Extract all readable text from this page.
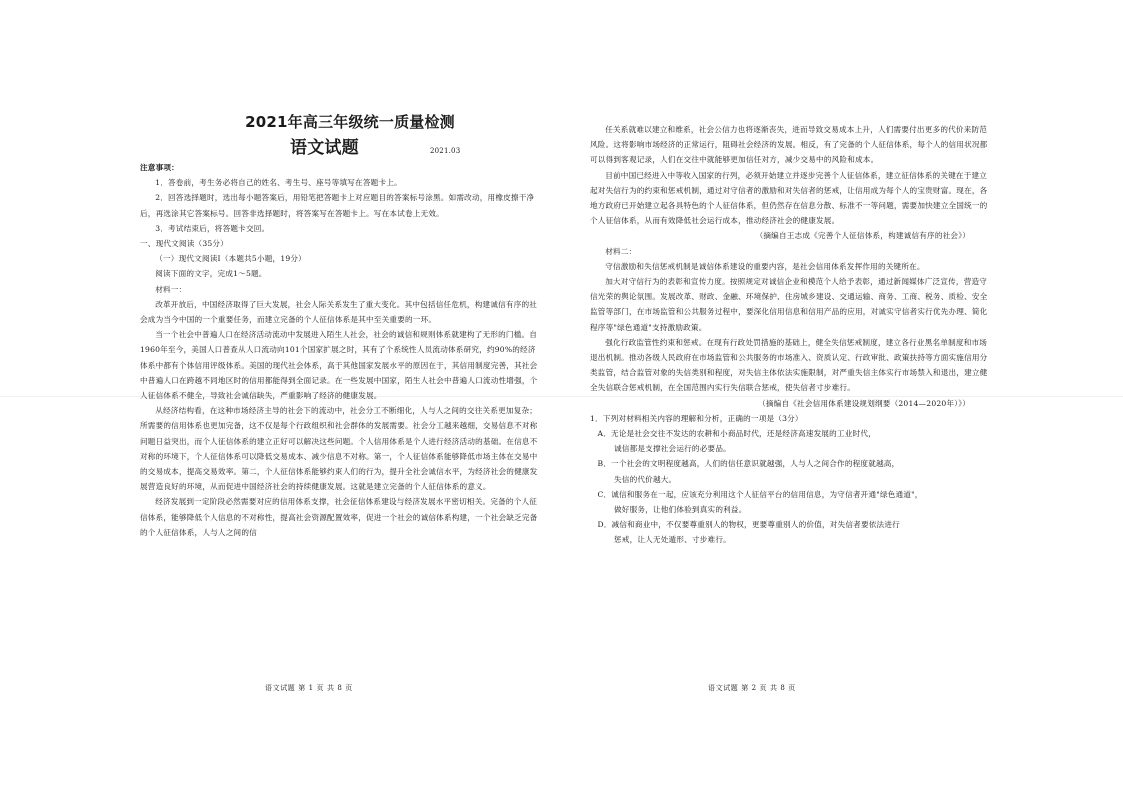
2021年高三年级统一质量检测
语文试题	2021.03

注意事项：

1．答卷前，考生务必将自己的姓名、考生号、座号等填写在答题卡上。

2．回答选择题时，选出每小题答案后，用铅笔把答题卡上对应题目的答案标号涂黑。如需改动，用橡皮擦干净后，再选涂其它答案标号。回答非选择题时，将答案写在答题卡上。写在本试卷上无效。

3．考试结束后，将答题卡交回。

一、现代文阅读（35分）

（一）现代文阅读Ⅰ（本题共5小题，19分）

阅读下面的文字，完成1～5题。

材料一：

改革开放后，中国经济取得了巨大发展，社会人际关系发生了重大变化。其中包括信任危机，构建诚信有序的社会成为当今中国的一个重要任务，而建立完备的个人征信体系是其中至关重要的一环。

当一个社会中普遍人口在经济活动流动中发展进入陌生人社会，社会的诚信和规则体系就建构了无形的门槛。自1960年至今，美国人口普查从人口流动向101个国家扩展之时，其有了个系统性人员流动体系研究，约90%的经济体系中都有个体信用评级体系。美国的现代社会体系，高于其他国家发展水平的原因在于，其信用制度完善，其社会中普遍人口在跨越不同地区时的信用都能得到全面记录。在一些发展中国家，陌生人社会中普遍人口流动性增强，个人征信体系不健全，导致社会诚信缺失，严重影响了经济的健康发展。

从经济结构看，在这种市场经济主导的社会下的流动中，社会分工不断细化，人与人之间的交往关系更加复杂；所需要的信用体系也更加完备，这不仅是每个行政组织和社会群体的发展需要。社会分工越来越细，交易信息不对称问题日益突出，而个人征信体系的建立正好可以解决这些问题。个人信用体系是个人进行经济活动的基础。在信息不对称的环境下，个人征信体系可以降低交易成本、减少信息不对称。第一，个人征信体系能够降低市场主体在交易中的交易成本，提高交易效率。第二，个人征信体系能够约束人们的行为，提升全社会诚信水平，为经济社会的健康发展营造良好的环境，从而促进中国经济社会的持续健康发展。这就是建立完备的个人征信体系的意义。

经济发展到一定阶段必然需要对应的信用体系支撑，社会征信体系建设与经济发展水平密切相关。完备的个人征信体系，能够降低个人信息的不对称性，提高社会资源配置效率，促进一个社会的诚信体系构建，一个社会缺乏完备的个人征信体系，人与人之间的信

语文试题 第 1 页 共 8 页

任关系就难以建立和维系，社会公信力也将逐渐丧失，进而导致交易成本上升，人们需要付出更多的代价来防范风险。这将影响市场经济的正常运行，阻碍社会经济的发展。相反，有了完备的个人征信体系，每个人的信用状况都可以得到客观记录，人们在交往中就能够更加信任对方，减少交易中的风险和成本。

目前中国已经进入中等收入国家的行列，必须开始建立并逐步完善个人征信体系，建立征信体系的关键在于建立起对失信行为的约束和惩戒机制，通过对守信者的激励和对失信者的惩戒，让信用成为每个人的宝贵财富。现在，各地方政府已开始建立起各具特色的个人征信体系，但仍然存在信息分散、标准不一等问题，需要加快建立全国统一的个人征信体系，从而有效降低社会运行成本，推动经济社会的健康发展。

（摘编自王志成《完善个人征信体系，构建诚信有序的社会》）

材料二：

守信激励和失信惩戒机制是诚信体系建设的重要内容，是社会信用体系发挥作用的关键所在。

加大对守信行为的表彰和宣传力度。按照规定对诚信企业和模范个人给予表彰，通过新闻媒体广泛宣传，营造守信光荣的舆论氛围。发展改革、财政、金融、环境保护、住房城乡建设、交通运输、商务、工商、税务、质检、安全监管等部门，在市场监管和公共服务过程中，要深化信用信息和信用产品的应用，对诚实守信者实行优先办理、简化程序等"绿色通道"支持激励政策。

强化行政监管性约束和惩戒。在现有行政处罚措施的基础上，健全失信惩戒制度，建立各行业黑名单制度和市场退出机制。推动各级人民政府在市场监管和公共服务的市场准入、资质认定、行政审批、政策扶持等方面实施信用分类监管，结合监管对象的失信类别和程度，对失信主体依法实施限制，对严重失信主体实行市场禁入和退出，建立健全失信联合惩戒机制，在全国范围内实行失信联合惩戒，使失信者寸步难行。

（摘编自《社会信用体系建设规划纲要（2014—2020年）》）

1．下列对材料相关内容的理解和分析，正确的一项是（3分）

A．无论是社会交往不发达的农耕和小商品时代，还是经济高速发展的工业时代，

诚信都是支撑社会运行的必要品。

B．一个社会的文明程度越高，人们的信任意识就越强，人与人之间合作的程度就越高，

失信的代价越大。

C．诚信和服务在一起，应该充分利用这个人征信平台的信用信息，为守信者开通"绿色通道"，

做好服务，让他们体验到真实的利益。

D．减信和商业中，不仅要尊重别人的物权，更要尊重别人的价值，对失信者要依法进行

惩戒，让人无处遁形、寸步难行。

语文试题 第 2 页 共 8 页
